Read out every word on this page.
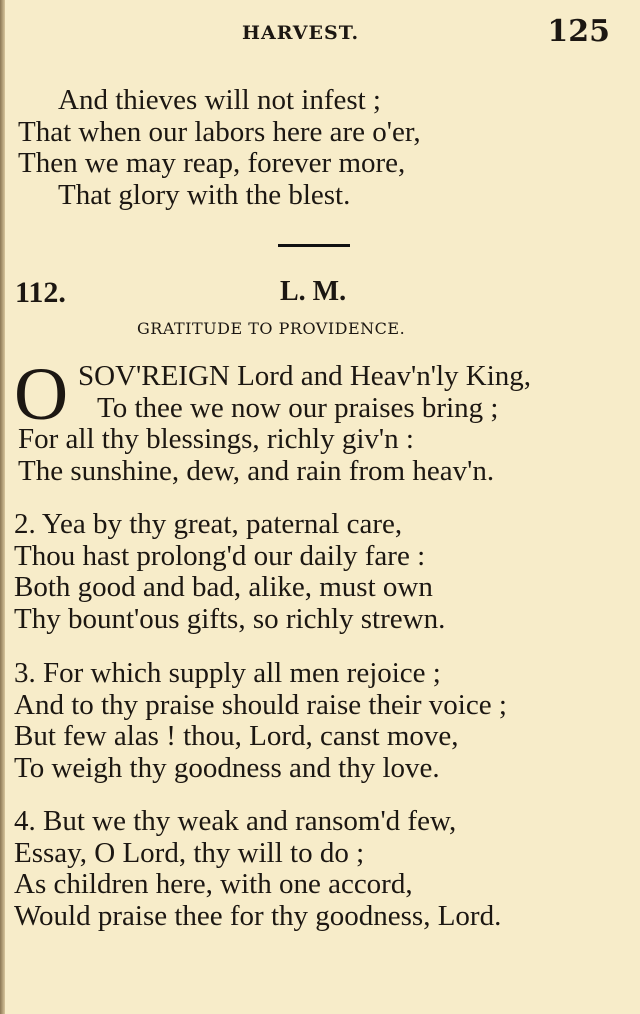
HARVEST.	125
And thieves will not infest ;
That when our labors here are o'er,
Then we may reap, forever more,
That glory with the blest.
112.	L. M.
GRATITUDE TO PROVIDENCE.
O SOV'REIGN Lord and Heav'n'ly King,
To thee we now our praises bring ;
For all thy blessings, richly giv'n :
The sunshine, dew, and rain from heav'n.
2. Yea by thy great, paternal care,
Thou hast prolong'd our daily fare :
Both good and bad, alike, must own
Thy bount'ous gifts, so richly strewn.
3. For which supply all men rejoice ;
And to thy praise should raise their voice ;
But few alas ! thou, Lord, canst move,
To weigh thy goodness and thy love.
4. But we thy weak and ransom'd few,
Essay, O Lord, thy will to do ;
As children here, with one accord,
Would praise thee for thy goodness, Lord.
